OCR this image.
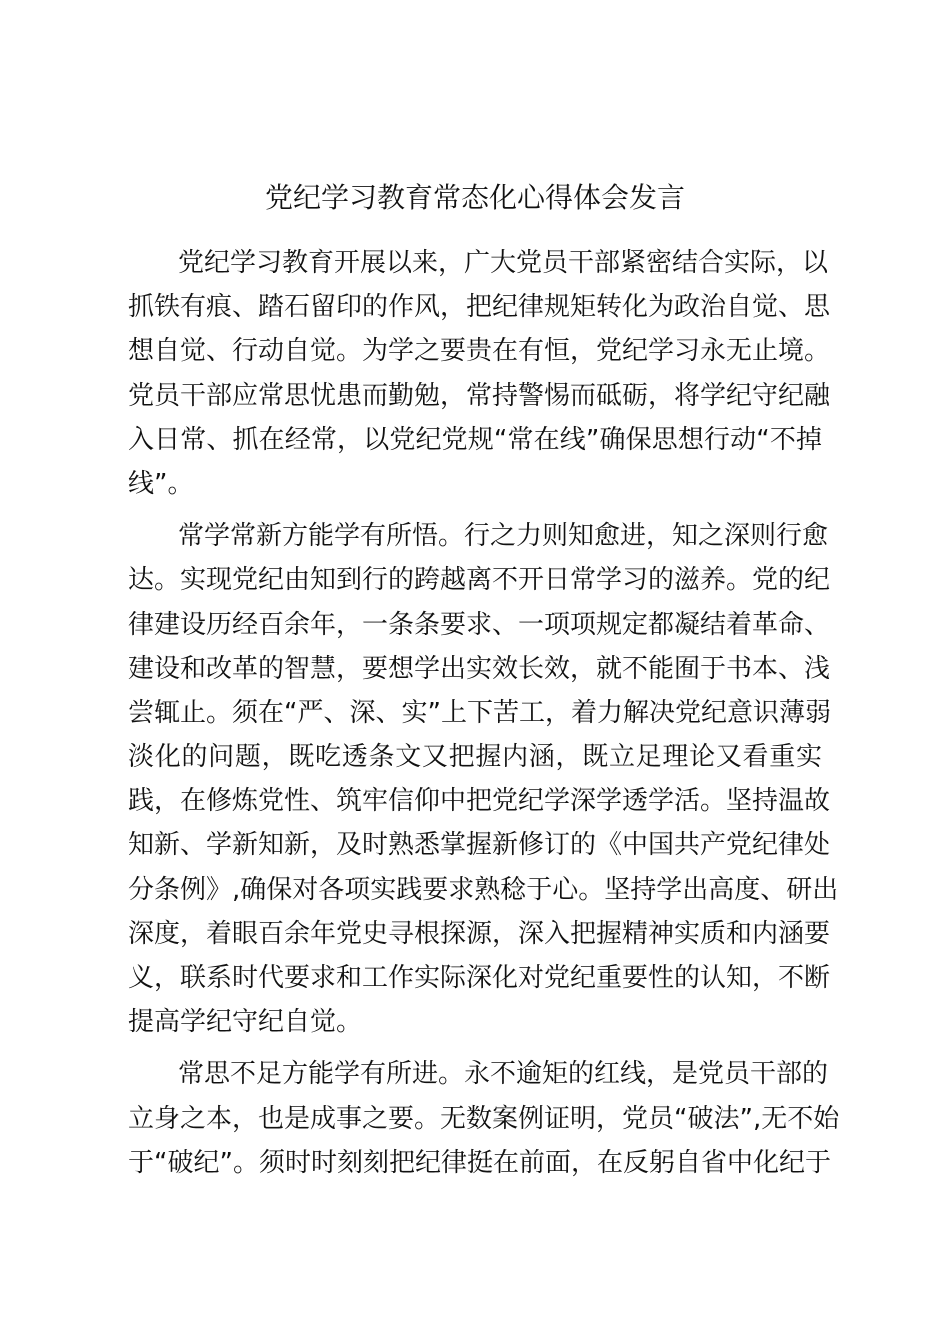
党纪学习教育常态化心得体会发言

党纪学习教育开展以来，广大党员干部紧密结合实际，以
抓铁有痕、踏石留印的作风，把纪律规矩转化为政治自觉、思
想自觉、行动自觉。为学之要贵在有恒，党纪学习永无止境。
党员干部应常思忧患而勤勉，常持警惕而砥砺，将学纪守纪融
入日常、抓在经常，以党纪党规“常在线”确保思想行动“不掉
线”。

常学常新方能学有所悟。行之力则知愈进，知之深则行愈
达。实现党纪由知到行的跨越离不开日常学习的滋养。党的纪
律建设历经百余年，一条条要求、一项项规定都凝结着革命、
建设和改革的智慧，要想学出实效长效，就不能囿于书本、浅
尝辄止。须在“严、深、实”上下苦工，着力解决党纪意识薄弱
淡化的问题，既吃透条文又把握内涵，既立足理论又看重实
践，在修炼党性、筑牢信仰中把党纪学深学透学活。坚持温故
知新、学新知新，及时熟悉掌握新修订的《中国共产党纪律处
分条例》,确保对各项实践要求熟稔于心。坚持学出高度、研出
深度，着眼百余年党史寻根探源，深入把握精神实质和内涵要
义，联系时代要求和工作实际深化对党纪重要性的认知，不断
提高学纪守纪自觉。

常思不足方能学有所进。永不逾矩的红线，是党员干部的
立身之本，也是成事之要。无数案例证明，党员“破法”,无不始
于“破纪”。须时时刻刻把纪律挺在前面，在反躬自省中化纪于
